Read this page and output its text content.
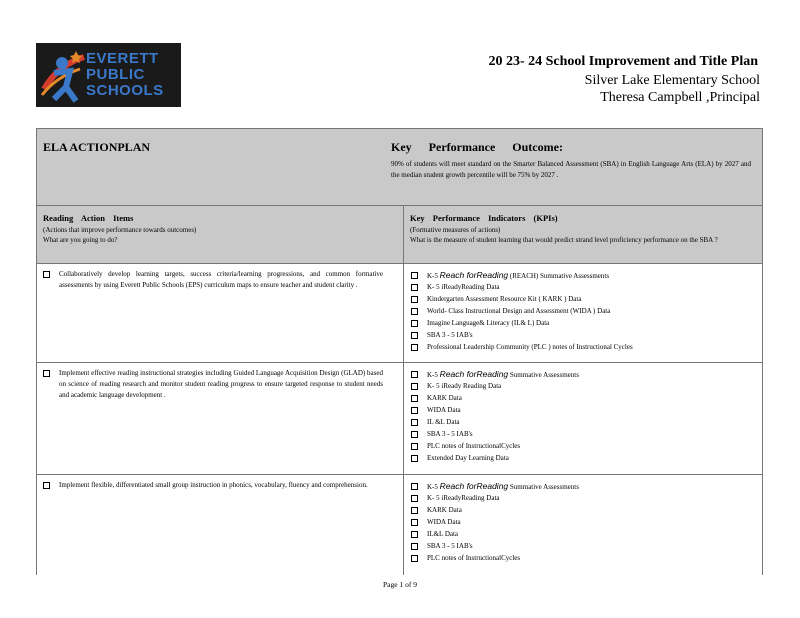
EVERETT
PUBLIC
SCHOOLS
20 23- 24 School Improvement and Title Plan
Silver Lake Elementary School
Theresa Campbell ,Principal
ELA ACTIONPLAN	Key Performance Outcome:
90% of students will meet standard on the Smarter Balanced Assessment (SBA) in English Language Arts (ELA) by 2027 and the median student growth percentile will be 75% by 2027 .
Reading Action Items
(Actions that improve performance towards outcomes)
What are you going to do?
Key Performance Indicators (KPIs)
(Formative measures of actions)
What is the measure of student learning that would predict strand level proficiency performance on the SBA ?
Collaboratively develop learning targets, success criteria/learning progressions, and common formative assessments by using Everett Public Schools (EPS) curriculum maps to ensure teacher and student clarity .
K-5 Reach forReading (REACH) Summative Assessments
K- 5 iReadyReading Data
Kindergarten Assessment Resource Kit ( KARK ) Data
World- Class Instructional Design and Assessment (WIDA ) Data
Imagine Language& Literacy (IL& L) Data
SBA 3 - 5 IAB's
Professional Leadership Community (PLC ) notes of Instructional Cycles
Implement effective reading instructional strategies including Guided Language Acquisition Design (GLAD) based on science of reading research and monitor student reading progress to ensure targeted response to student needs and academic language development .
K-5 Reach forReading Summative Assessments
K- 5 iReady Reading Data
KARK Data
WIDA Data
IL &L Data
SBA 3 - 5 IAB's
PLC notes of InstructionalCycles
Extended Day Learning Data
Implement flexible, differentiated small group instruction in phonics, vocabulary, fluency and comprehension.	K-5 Reach forReading Summative Assessments
K- 5 iReadyReading Data
KARK Data
WIDA Data
IL&L Data
SBA 3 - 5 IAB's
PLC notes of InstructionalCycles
Page 1 of 9
